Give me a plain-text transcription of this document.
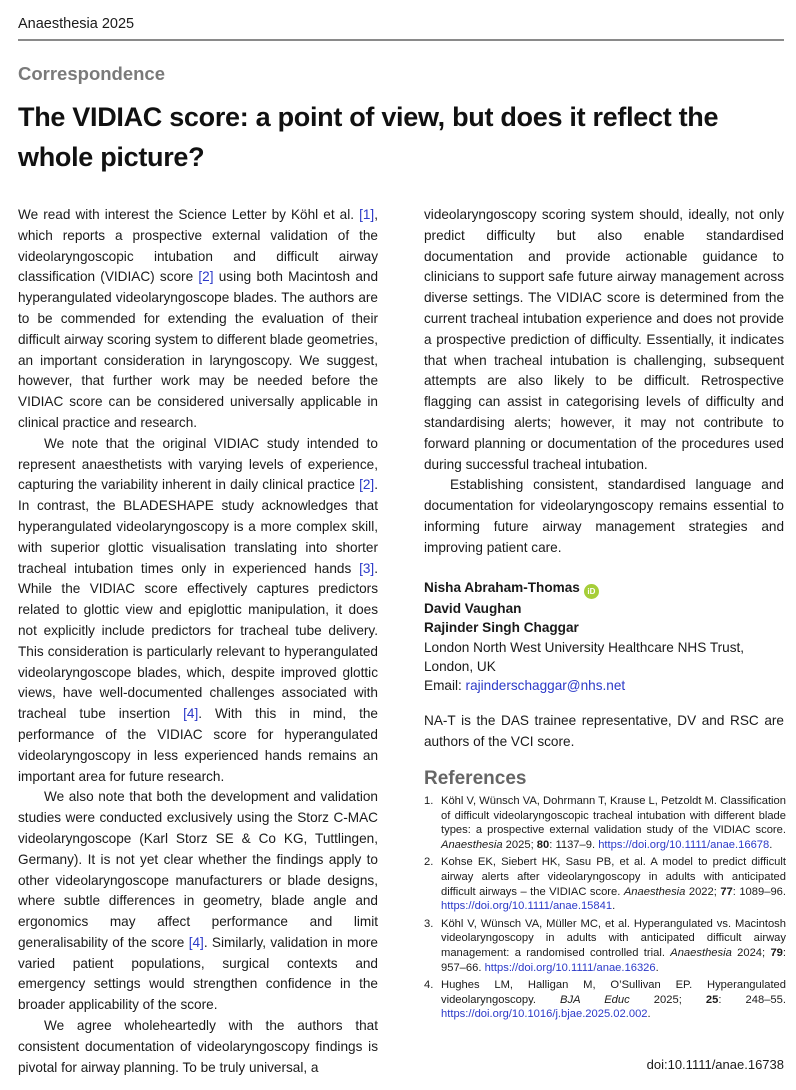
Anaesthesia 2025
Correspondence
The VIDIAC score: a point of view, but does it reflect the whole picture?

We read with interest the Science Letter by Köhl et al. [1], which reports a prospective external validation of the videolaryngoscopic intubation and difficult airway classification (VIDIAC) score [2] using both Macintosh and hyperangulated videolaryngoscope blades. The authors are to be commended for extending the evaluation of their difficult airway scoring system to different blade geometries, an important consideration in laryngoscopy. We suggest, however, that further work may be needed before the VIDIAC score can be considered universally applicable in clinical practice and research.

We note that the original VIDIAC study intended to represent anaesthetists with varying levels of experience, capturing the variability inherent in daily clinical practice [2]. In contrast, the BLADESHAPE study acknowledges that hyperangulated videolaryngoscopy is a more complex skill, with superior glottic visualisation translating into shorter tracheal intubation times only in experienced hands [3]. While the VIDIAC score effectively captures predictors related to glottic view and epiglottic manipulation, it does not explicitly include predictors for tracheal tube delivery. This consideration is particularly relevant to hyperangulated videolaryngoscope blades, which, despite improved glottic views, have well-documented challenges associated with tracheal tube insertion [4]. With this in mind, the performance of the VIDIAC score for hyperangulated videolaryngoscopy in less experienced hands remains an important area for future research.

We also note that both the development and validation studies were conducted exclusively using the Storz C-MAC videolaryngoscope (Karl Storz SE & Co KG, Tuttlingen, Germany). It is not yet clear whether the findings apply to other videolaryngoscope manufacturers or blade designs, where subtle differences in geometry, blade angle and ergonomics may affect performance and limit generalisability of the score [4]. Similarly, validation in more varied patient populations, surgical contexts and emergency settings would strengthen confidence in the broader applicability of the score.

We agree wholeheartedly with the authors that consistent documentation of videolaryngoscopy findings is pivotal for airway planning. To be truly universal, a

videolaryngoscopy scoring system should, ideally, not only predict difficulty but also enable standardised documentation and provide actionable guidance to clinicians to support safe future airway management across diverse settings. The VIDIAC score is determined from the current tracheal intubation experience and does not provide a prospective prediction of difficulty. Essentially, it indicates that when tracheal intubation is challenging, subsequent attempts are also likely to be difficult. Retrospective flagging can assist in categorising levels of difficulty and standardising alerts; however, it may not contribute to forward planning or documentation of the procedures used during successful tracheal intubation.

Establishing consistent, standardised language and documentation for videolaryngoscopy remains essential to informing future airway management strategies and improving patient care.

Nisha Abraham-Thomas iD
David Vaughan
Rajinder Singh Chaggar
London North West University Healthcare NHS Trust,
London, UK
Email: rajinderschaggar@nhs.net
NA-T is the DAS trainee representative, DV and RSC are authors of the VCI score.
References
1. Köhl V, Wünsch VA, Dohrmann T, Krause L, Petzoldt M. Classification of difficult videolaryngoscopic tracheal intubation with different blade types: a prospective external validation study of the VIDIAC score. Anaesthesia 2025; 80: 1137–9. https://doi.org/10.1111/anae.16678.
2. Kohse EK, Siebert HK, Sasu PB, et al. A model to predict difficult airway alerts after videolaryngoscopy in adults with anticipated difficult airways – the VIDIAC score. Anaesthesia 2022; 77: 1089–96. https://doi.org/10.1111/anae.15841.
3. Köhl V, Wünsch VA, Müller MC, et al. Hyperangulated vs. Macintosh videolaryngoscopy in adults with anticipated difficult airway management: a randomised controlled trial. Anaesthesia 2024; 79: 957–66. https://doi.org/10.1111/anae.16326.
4. Hughes LM, Halligan M, O’Sullivan EP. Hyperangulated videolaryngoscopy. BJA Educ 2025; 25: 248–55. https://doi.org/10.1016/j.bjae.2025.02.002.
doi:10.1111/anae.16738
